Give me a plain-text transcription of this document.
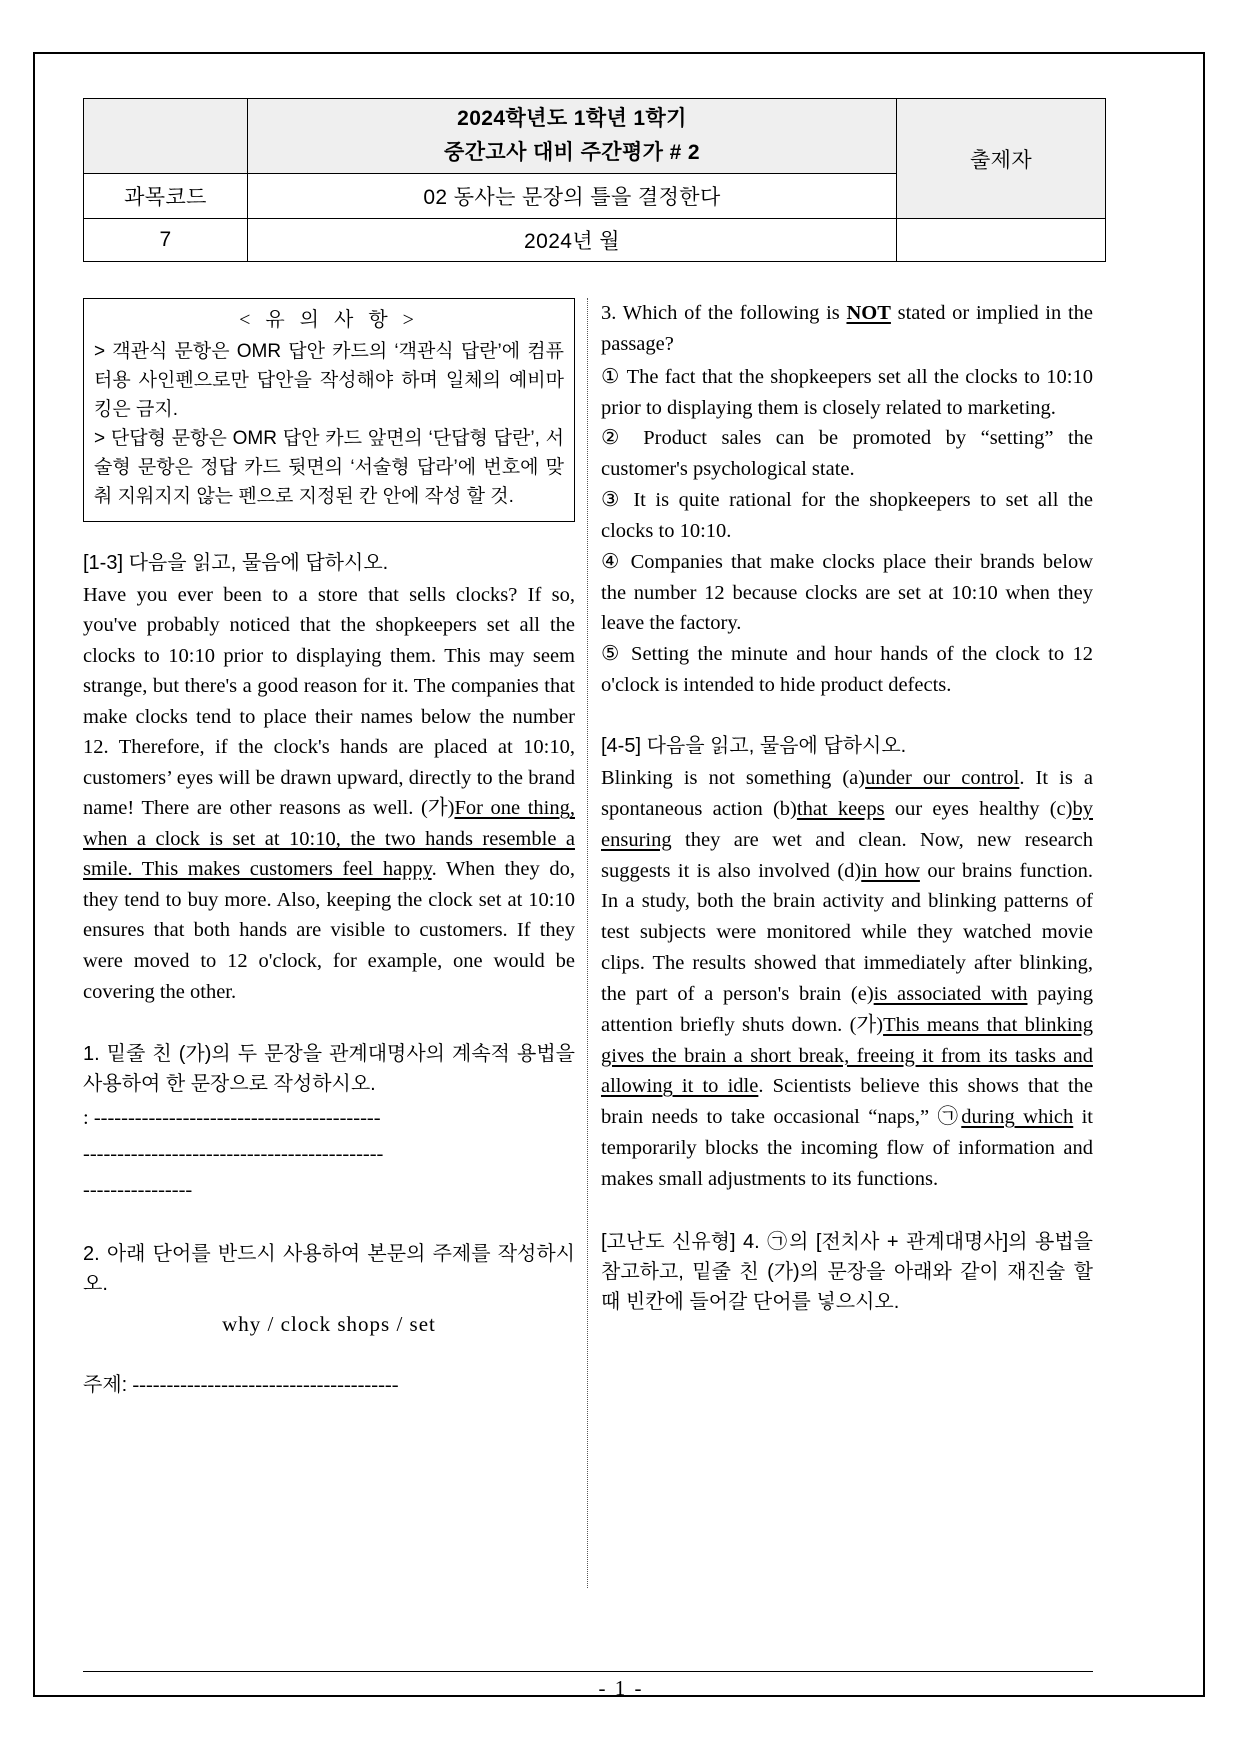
	2024학년도 1학년 1학기
중간고사 대비 주간평가 # 2	출제자
과목코드	02 동사는 문장의 틀을 결정한다	
7	2024년 월	
< 유 의 사 항 >

> 객관식 문항은 OMR 답안 카드의 ‘객관식 답란’에 컴퓨터용 사인펜으로만 답안을 작성해야 하며 일체의 예비마킹은 금지.

> 단답형 문항은 OMR 답안 카드 앞면의 ‘단답형 답란’, 서술형 문항은 정답 카드 뒷면의 ‘서술형 답라’에 번호에 맞춰 지워지지 않는 펜으로 지정된 칸 안에 작성 할 것.

[1-3] 다음을 읽고, 물음에 답하시오.

Have you ever been to a store that sells clocks? If so, you've probably noticed that the shopkeepers set all the clocks to 10:10 prior to displaying them. This may seem strange, but there's a good reason for it. The companies that make clocks tend to place their names below the number 12. Therefore, if the clock's hands are placed at 10:10, customers’ eyes will be drawn upward, directly to the brand name! There are other reasons as well. (가)For one thing, when a clock is set at 10:10, the two hands resemble a smile. This makes customers feel happy. When they do, they tend to buy more. Also, keeping the clock set at 10:10 ensures that both hands are visible to customers. If they were moved to 12 o'clock, for example, one would be covering the other.

1. 밑줄 친 (가)의 두 문장을 관계대명사의 계속적 용법을 사용하여 한 문장으로 작성하시오.

: ------------------------------------------
--------------------------------------------
----------------

2. 아래 단어를 반드시 사용하여 본문의 주제를 작성하시오.

why / clock shops / set

주제: ---------------------------------------

3. Which of the following is NOT stated or implied in the passage?

① The fact that the shopkeepers set all the clocks to 10:10 prior to displaying them is closely related to marketing.

② Product sales can be promoted by “setting” the customer's psychological state.

③ It is quite rational for the shopkeepers to set all the clocks to 10:10.

④ Companies that make clocks place their brands below the number 12 because clocks are set at 10:10 when they leave the factory.

⑤ Setting the minute and hour hands of the clock to 12 o'clock is intended to hide product defects.

[4-5] 다음을 읽고, 물음에 답하시오.

Blinking is not something (a)under our control. It is a spontaneous action (b)that keeps our eyes healthy (c)by ensuring they are wet and clean. Now, new research suggests it is also involved (d)in how our brains function. In a study, both the brain activity and blinking patterns of test subjects were monitored while they watched movie clips. The results showed that immediately after blinking, the part of a person's brain (e)is associated with paying attention briefly shuts down. (가)This means that blinking gives the brain a short break, freeing it from its tasks and allowing it to idle. Scientists believe this shows that the brain needs to take occasional “naps,” ㉠during which it temporarily blocks the incoming flow of information and makes small adjustments to its functions.

[고난도 신유형] 4. ㉠의 [전치사 + 관계대명사]의 용법을 참고하고, 밑줄 친 (가)의 문장을 아래와 같이 재진술 할 때 빈칸에 들어갈 단어를 넣으시오.

- 1 -
